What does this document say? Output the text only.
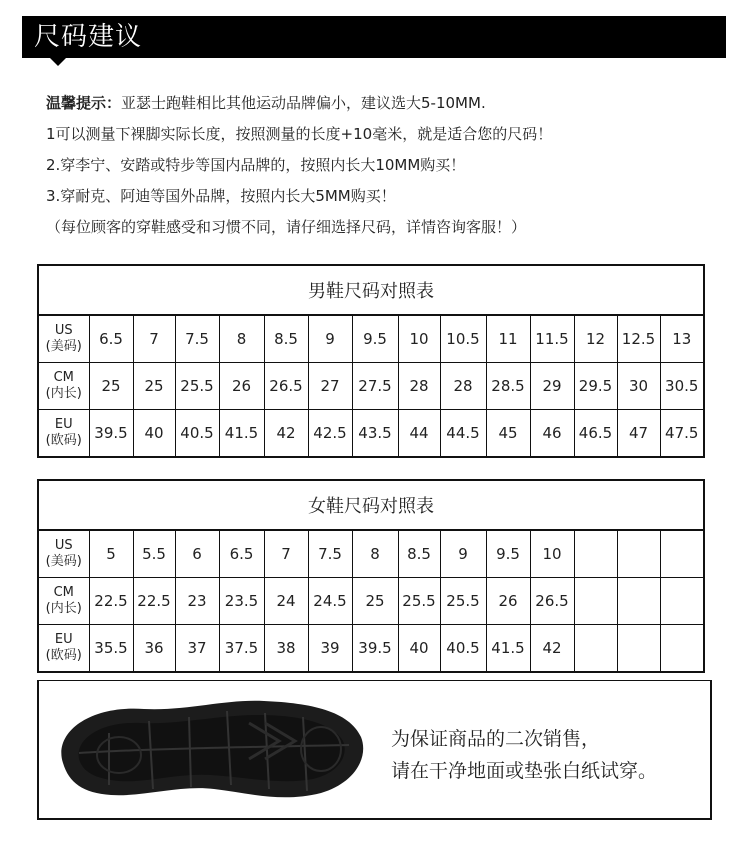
尺码建议
温馨提示：亚瑟士跑鞋相比其他运动品牌偏小，建议选大5-10MM.
1可以测量下裸脚实际长度，按照测量的长度+10毫米，就是适合您的尺码！
2.穿李宁、安踏或特步等国内品牌的，按照内长大10MM购买！
3.穿耐克、阿迪等国外品牌，按照内长大5MM购买！
（每位顾客的穿鞋感受和习惯不同，请仔细选择尺码，详情咨询客服！）
男鞋尺码对照表														

US
(美码)	6.5	7	7.5	8	8.5	9	9.5	10	10.5	11	11.5	12	12.5	13

CM
(内长)	25	25	25.5	26	26.5	27	27.5	28	28	28.5	29	29.5	30	30.5

EU
(欧码)	39.5	40	40.5	41.5	42	42.5	43.5	44	44.5	45	46	46.5	47	47.5
女鞋尺码对照表														

US
(美码)	5	5.5	6	6.5	7	7.5	8	8.5	9	9.5	10			

CM
(内长)	22.5	22.5	23	23.5	24	24.5	25	25.5	25.5	26	26.5			

EU
(欧码)	35.5	36	37	37.5	38	39	39.5	40	40.5	41.5	42			
为保证商品的二次销售，
请在干净地面或垫张白纸试穿。
